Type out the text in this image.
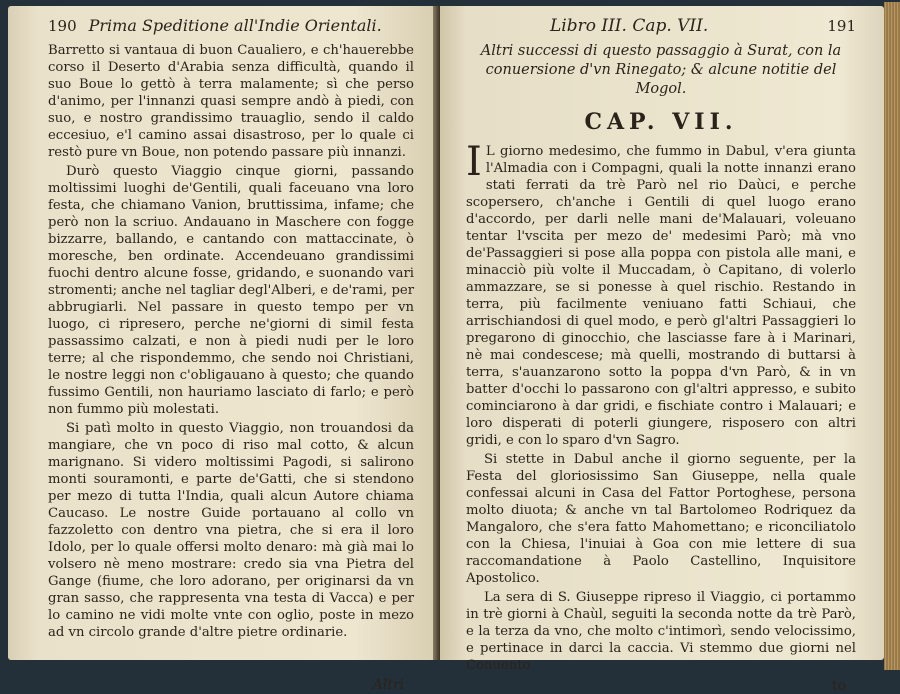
190 Prima Speditione all'Indie Orientali.

Barretto si vantaua di buon Caualiero, e ch'hauerebbe corso il Deserto d'Arabia senza difficultà, quando il suo Boue lo gettò à terra malamente; sì che perso d'animo, per l'innanzi quasi sempre andò à piedi, con suo, e nostro grandissimo trauaglio, sendo il caldo eccesiuo, e'l camino assai disastroso, per lo quale ci restò pure vn Boue, non potendo passare più innanzi.

Durò questo Viaggio cinque giorni, passando moltissimi luoghi de'Gentili, quali faceuano vna loro festa, che chiamano Vanion, bruttissima, infame; che però non la scriuo. Andauano in Maschere con fogge bizzarre, ballando, e cantando con mattaccinate, ò moresche, ben ordinate. Accendeuano grandissimi fuochi dentro alcune fosse, gridando, e suonando vari stromenti; anche nel tagliar degl'Alberi, e de'rami, per abbrugiarli. Nel passare in questo tempo per vn luogo, ci ripresero, perche ne'giorni di simil festa passassimo calzati, e non à piedi nudi per le loro terre; al che rispondemmo, che sendo noi Christiani, le nostre leggi non c'obligauano à questo; che quando fussimo Gentili, non hauriamo lasciato di farlo; e però non fummo più molestati.

Si patì molto in questo Viaggio, non trouandosi da mangiare, che vn poco di riso mal cotto, & alcun marignano. Si videro moltissimi Pagodi, si salirono monti souramonti, e parte de'Gatti, che si stendono per mezo di tutta l'India, quali alcun Autore chiama Caucaso. Le nostre Guide portauano al collo vn fazzoletto con dentro vna pietra, che si era il loro Idolo, per lo quale offersi molto denaro: mà già mai lo volsero nè meno mostrare: credo sia vna Pietra del Gange (fiume, che loro adorano, per originarsi da vn gran sasso, che rappresenta vna testa di Vacca) e per lo camino ne vidi molte vnte con oglio, poste in mezo ad vn circolo grande d'altre pietre ordinarie.

Altri
Libro III. Cap. VII.	191
Altri successi di questo passaggio à Surat, con la conuersione d'vn Rinegato; & alcune notitie del Mogol.
CAP. VII.

I L giorno medesimo, che fummo in Dabul, v'era giunta l'Almadia con i Compagni, quali la notte innanzi erano stati ferrati da trè Parò nel rio Daùci, e perche scopersero, ch'anche i Gentili di quel luogo erano d'accordo, per darli nelle mani de'Malauari, voleuano tentar l'vscita per mezo de' medesimi Parò; mà vno de'Passaggieri si pose alla poppa con pistola alle mani, e minacciò più volte il Muccadam, ò Capitano, di volerlo ammazzare, se si ponesse à quel rischio. Restando in terra, più facilmente veniuano fatti Schiaui, che arrischiandosi di quel modo, e però gl'altri Passaggieri lo pregarono di ginocchio, che lasciasse fare à i Marinari, nè mai condescese; mà quelli, mostrando di buttarsi à terra, s'auanzarono sotto la poppa d'vn Parò, & in vn batter d'occhi lo passarono con gl'altri appresso, e subito cominciarono à dar gridi, e fischiate contro i Malauari; e loro disperati di poterli giungere, risposero con altri gridi, e con lo sparo d'vn Sagro.

Si stette in Dabul anche il giorno seguente, per la Festa del gloriosissimo San Giuseppe, nella quale confessai alcuni in Casa del Fattor Portoghese, persona molto diuota; & anche vn tal Bartolomeo Rodriquez da Mangaloro, che s'era fatto Mahomettano; e riconciliatolo con la Chiesa, l'inuiai à Goa con mie lettere di sua raccomandatione à Paolo Castellino, Inquisitore Apostolico.

La sera di S. Giuseppe ripreso il Viaggio, ci portammo in trè giorni à Chaùl, seguiti la seconda notte da trè Parò, e la terza da vno, che molto c'intimorì, sendo velocissimo, e pertinace in darci la caccia. Vi stemmo due giorni nel Conuento

to
